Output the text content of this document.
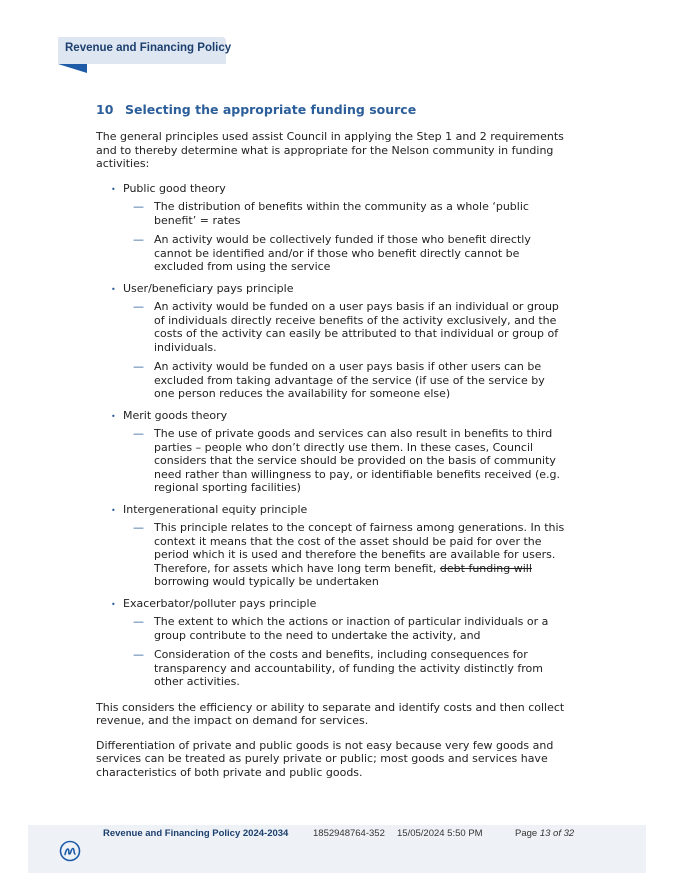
Revenue and Financing Policy
10 Selecting the appropriate funding source

The general principles used assist Council in applying the Step 1 and 2 requirements and to thereby determine what is appropriate for the Nelson community in funding activities:

• Public good theory
— The distribution of benefits within the community as a whole ‘public benefit’ = rates
— An activity would be collectively funded if those who benefit directly cannot be identified and/or if those who benefit directly cannot be excluded from using the service
• User/beneficiary pays principle
— An activity would be funded on a user pays basis if an individual or group of individuals directly receive benefits of the activity exclusively, and the costs of the activity can easily be attributed to that individual or group of individuals.
— An activity would be funded on a user pays basis if other users can be excluded from taking advantage of the service (if use of the service by one person reduces the availability for someone else)
• Merit goods theory
— The use of private goods and services can also result in benefits to third parties – people who don’t directly use them. In these cases, Council considers that the service should be provided on the basis of community need rather than willingness to pay, or identifiable benefits received (e.g. regional sporting facilities)
• Intergenerational equity principle
— This principle relates to the concept of fairness among generations. In this context it means that the cost of the asset should be paid for over the period which it is used and therefore the benefits are available for users. Therefore, for assets which have long term benefit, debt funding will borrowing would typically be undertaken
• Exacerbator/polluter pays principle
— The extent to which the actions or inaction of particular individuals or a group contribute to the need to undertake the activity, and
— Consideration of the costs and benefits, including consequences for transparency and accountability, of funding the activity distinctly from other activities.

This considers the efficiency or ability to separate and identify costs and then collect revenue, and the impact on demand for services.

Differentiation of private and public goods is not easy because very few goods and services can be treated as purely private or public; most goods and services have characteristics of both private and public goods.

Revenue and Financing Policy 2024-2034	1852948764-352 15/05/2024 5:50 PM	Page 13 of 32
